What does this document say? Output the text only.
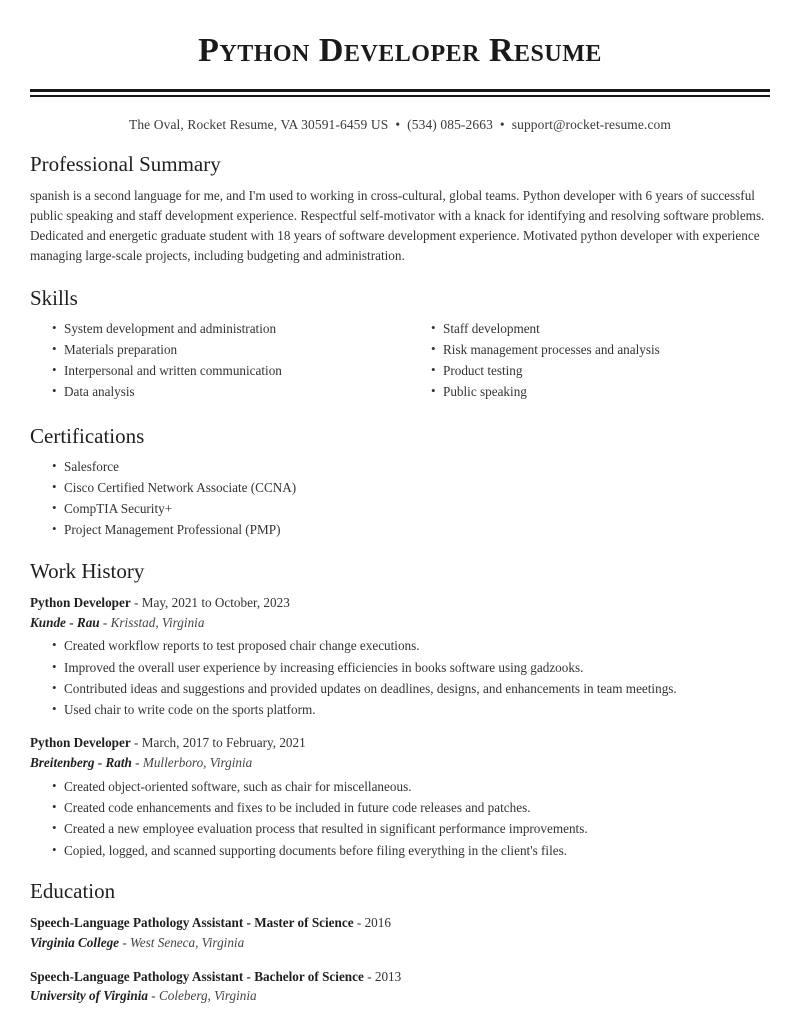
Python Developer Resume
The Oval, Rocket Resume, VA 30591-6459 US • (534) 085-2663 • support@rocket-resume.com
Professional Summary

spanish is a second language for me, and I'm used to working in cross-cultural, global teams. Python developer with 6 years of successful public speaking and staff development experience. Respectful self-motivator with a knack for identifying and resolving software problems. Dedicated and energetic graduate student with 18 years of software development experience. Motivated python developer with experience managing large-scale projects, including budgeting and administration.

Skills
• System development and administration
• Materials preparation
• Interpersonal and written communication
• Data analysis
• Staff development
• Risk management processes and analysis
• Product testing
• Public speaking
Certifications
• Salesforce
• Cisco Certified Network Associate (CCNA)
• CompTIA Security+
• Project Management Professional (PMP)
Work History
Python Developer - May, 2021 to October, 2023
Kunde - Rau - Krisstad, Virginia
• Created workflow reports to test proposed chair change executions.
• Improved the overall user experience by increasing efficiencies in books software using gadzooks.
• Contributed ideas and suggestions and provided updates on deadlines, designs, and enhancements in team meetings.
• Used chair to write code on the sports platform.
Python Developer - March, 2017 to February, 2021
Breitenberg - Rath - Mullerboro, Virginia
• Created object-oriented software, such as chair for miscellaneous.
• Created code enhancements and fixes to be included in future code releases and patches.
• Created a new employee evaluation process that resulted in significant performance improvements.
• Copied, logged, and scanned supporting documents before filing everything in the client's files.
Education
Speech-Language Pathology Assistant - Master of Science - 2016
Virginia College - West Seneca, Virginia
Speech-Language Pathology Assistant - Bachelor of Science - 2013
University of Virginia - Coleberg, Virginia
